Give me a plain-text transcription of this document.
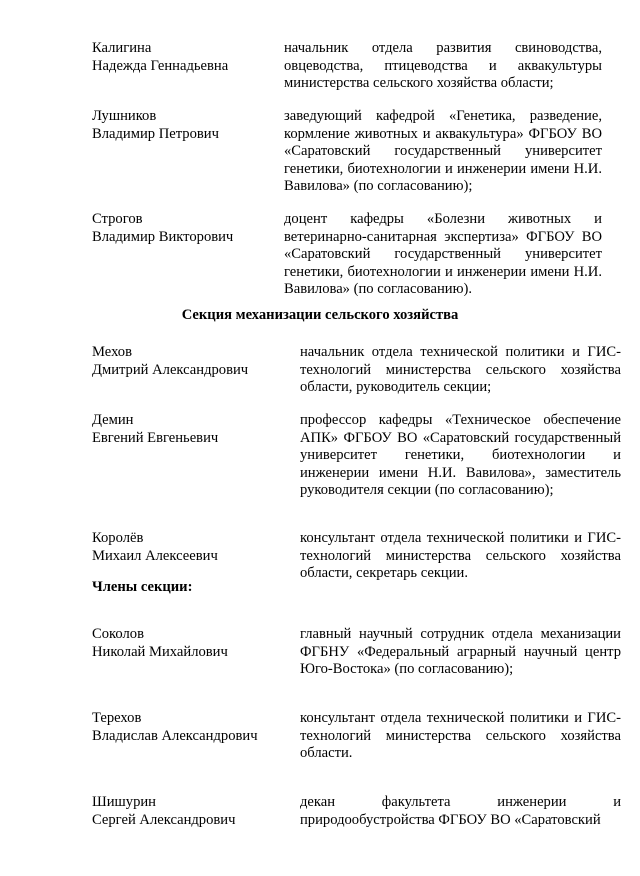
Калигина
Надежда Геннадьевна
начальник отдела развития свиноводства, овцеводства, птицеводства и аквакультуры министерства сельского хозяйства области;
Лушников
Владимир Петрович
заведующий кафедрой «Генетика, разведение, кормление животных и аквакультура» ФГБОУ ВО «Саратовский государственный университет генетики, биотехнологии и инженерии имени Н.И. Вавилова» (по согласованию);
Строгов
Владимир Викторович
доцент кафедры «Болезни животных и ветеринарно-санитарная экспертиза» ФГБОУ ВО «Саратовский государственный университет генетики, биотехнологии и инженерии имени Н.И. Вавилова» (по согласованию).
Секция механизации сельского хозяйства
Мехов
Дмитрий Александрович
начальник отдела технической политики и ГИС-технологий министерства сельского хозяйства области, руководитель секции;
Демин
Евгений Евгеньевич
профессор кафедры «Техническое обеспечение АПК» ФГБОУ ВО «Саратовский государственный университет генетики, биотехнологии и инженерии имени Н.И. Вавилова», заместитель руководителя секции (по согласованию);
Королёв
Михаил Алексеевич
консультант отдела технической политики и ГИС-технологий министерства сельского хозяйства области, секретарь секции.
Члены секции:
Соколов
Николай Михайлович
главный научный сотрудник отдела механизации ФГБНУ «Федеральный аграрный научный центр Юго-Востока» (по согласованию);
Терехов
Владислав Александрович
консультант отдела технической политики и ГИС-технологий министерства сельского хозяйства области.
Шишурин
Сергей Александрович
декан факультета инженерии и природообустройства ФГБОУ ВО «Саратовский
